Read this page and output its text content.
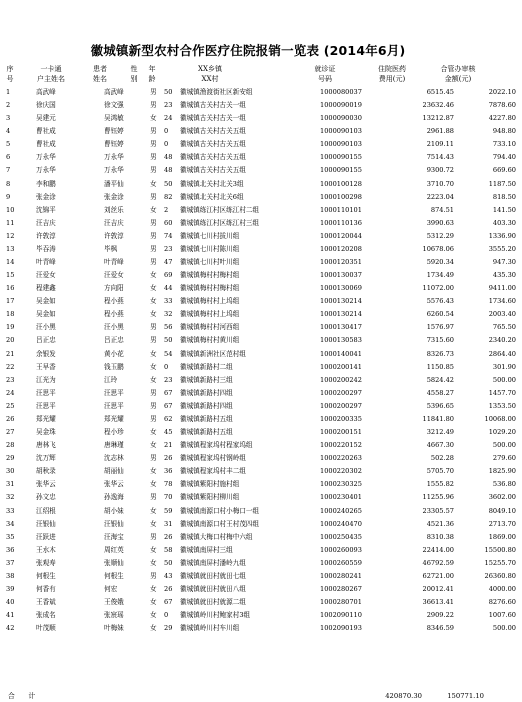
徽城镇新型农村合作医疗住院报销一览表 (2014年6月)
序
号
一卡通
户主姓名
患者
姓名
性
别
年
龄
XX乡镇
XX村
就诊证
号码
住院医药
费用(元)
合管办审核
金额(元)
1	高武峰	高武峰	男	50	徽城镇渔渡街社区新安组	1000080037	6515.45	2022.10
2	徐庆国	徐文强	男	23	徽城镇古关村古关一组	1000090019	23632.46	7878.60
3	吴建元	吴鸿敏	女	24	徽城镇古关村古关一组	1000090030	13212.87	4227.80
4	曹社成	曹钰婷	男	0	徽城镇古关村古关五组	1000090103	2961.88	948.80
5	曹社成	曹钰婷	男	0	徽城镇古关村古关五组	1000090103	2109.11	733.10
6	万永华	万永华	男	48	徽城镇古关村古关五组	1000090155	7514.43	794.40
7	万永华	万永华	男	48	徽城镇古关村古关五组	1000090155	9300.72	669.60
8	李和鹏	潘平仙	女	50	徽城镇北关村北关3组	1000100128	3710.70	1187.50
9	张金涂	张金涂	男	82	徽城镇北关村北关6组	1000100298	2223.04	818.50
10	沈锦平	刘丝乐	女	2	徽城镇练江村区练江村二组	1000110101	874.51	141.50
11	汪吉庆	汪吉庆	男	60	徽城镇练江村区练江村三组	1000110136	3990.63	403.30
12	许敦淳	许敦淳	男	74	徽城镇七川村拔川组	1000120044	5312.29	1336.90
13	毕吞涛	毕枫	男	23	徽城镇七川村陈川组	1000120208	10678.06	3555.20
14	叶青峰	叶青峰	男	47	徽城镇七川村叶川组	1000120351	5920.34	947.30
15	汪爱女	汪爱女	女	69	徽城镇梅村村梅村组	1000130037	1734.49	435.30
16	程建鑫	方向阳	女	44	徽城镇梅村村梅村组	1000130069	11072.00	9411.00
17	吴金如	程小燕	女	33	徽城镇梅村村上坞组	1000130214	5576.43	1734.60
18	吴金如	程小燕	女	32	徽城镇梅村村上坞组	1000130214	6260.54	2003.40
19	汪小黑	汪小黑	男	56	徽城镇梅村村河西组	1000130417	1576.97	765.50
20	吕正忠	吕正忠	男	50	徽城镇梅村村黄川组	1000130583	7315.60	2340.20
21	余银发	黄小花	女	54	徽城镇新洲社区范村组	1000140041	8326.73	2864.40
22	王早香	钱玉鹏	女	0	徽城镇新路村二组	1000200141	1150.85	301.90
23	江光为	江玲	女	23	徽城镇新路村三组	1000200242	5824.42	500.00
24	汪思平	汪思平	男	67	徽城镇新路村四组	1000200297	4558.27	1457.70
25	汪思平	汪思平	男	67	徽城镇新路村四组	1000200297	5396.65	1353.50
26	郑光耀	郑光耀	男	62	徽城镇新路村五组	1000200335	11841.80	10068.00
27	吴金珠	程小珍	女	45	徽城镇新路村五组	1000200151	3212.49	1029.20
28	唐林飞	唐琳瑾	女	21	徽城镇程家坞村程家坞组	1000220152	4667.30	500.00
29	沈万辉	沈志林	男	26	徽城镇程家坞村钢岭组	1000220263	502.28	279.60
30	胡秋录	胡丽仙	女	36	徽城镇程家坞村丰二组	1000220302	5705.70	1825.90
31	张华云	张华云	女	78	徽城镇紫阳村施村组	1000230325	1555.82	536.80
32	孙文忠	孙逸海	男	70	徽城镇紫阳村柳川组	1000230401	11255.96	3602.00
33	江绍根	胡小妹	女	59	徽城镇南源口村小梅口一组	1000240265	23305.57	8049.10
34	汪银仙	汪银仙	女	31	徽城镇南源口村王村茂四组	1000240470	4521.36	2713.70
35	汪跃进	汪海宝	男	26	徽城镇大梅口村梅中六组	1000250435	8310.38	1869.00
36	王水木	周红英	女	58	徽城镇南屏村三组	1000260093	22414.00	15500.80
37	张观寿	张顺仙	女	50	徽城镇南屏村潘岭九组	1000260559	46792.59	15255.70
38	何根生	何根生	男	43	徽城镇就田村就田七组	1000280241	62721.00	26360.80
39	何香有	何宏	女	26	徽城镇就田村就田八组	1000280267	20012.41	4000.00
40	王香斌	王俊娥	女	67	徽城镇就田村就源二组	1000280701	36613.41	8276.60
41	张成名	张宸瑶	女	0	徽城镇岭川村鲍家村3组	1002090110	2909.22	1007.60
42	叶茂顺	叶梅妹	女	29	徽城镇岭川村车川组	1002090193	8346.59	500.00
合　　计	420870.30	150771.10
